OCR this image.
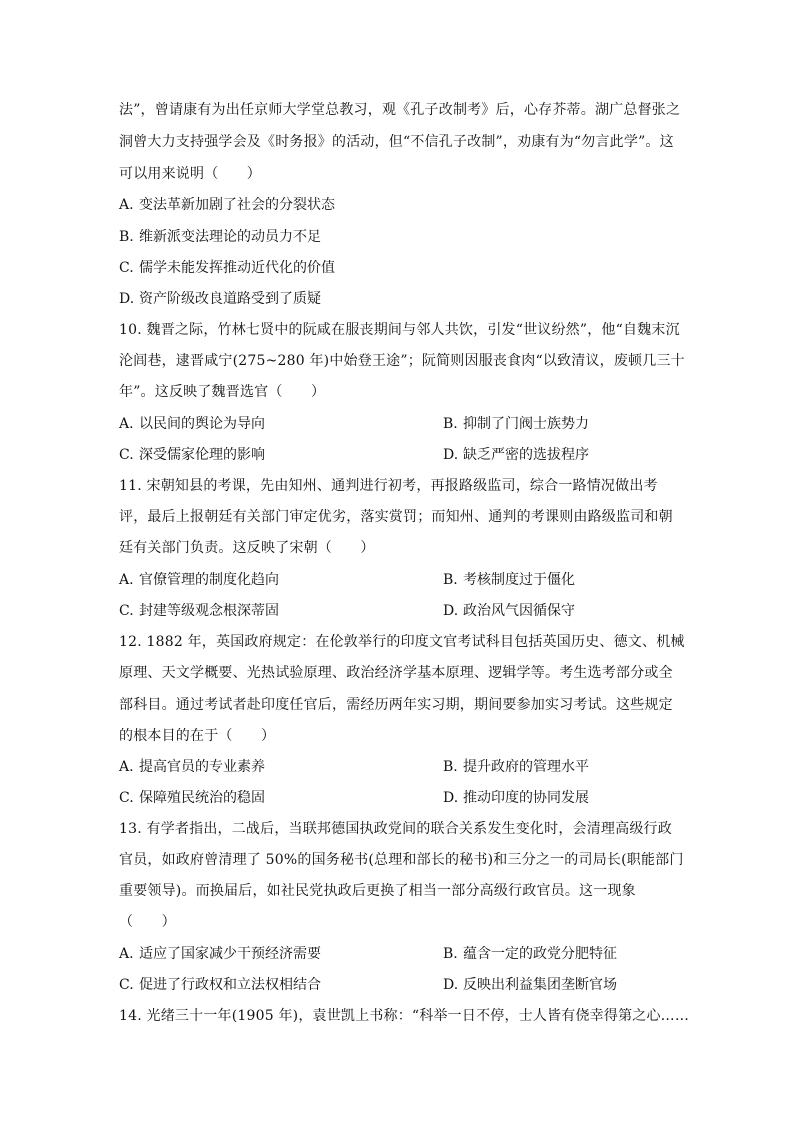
法”，曾请康有为出任京师大学堂总教习，观《孔子改制考》后，心存芥蒂。湖广总督张之
洞曾大力支持强学会及《时务报》的活动，但“不信孔子改制”，劝康有为“勿言此学”。这
可以用来说明（　　）
A. 变法革新加剧了社会的分裂状态
B. 维新派变法理论的动员力不足
C. 儒学未能发挥推动近代化的价值
D. 资产阶级改良道路受到了质疑
10. 魏晋之际，竹林七贤中的阮咸在服丧期间与邻人共饮，引发“世议纷然”，他“自魏末沉
沦闾巷，逮晋咸宁(275~280 年)中始登王途”；阮简则因服丧食肉“以致清议，废顿几三十
年”。这反映了魏晋选官（　　）
A. 以民间的舆论为导向	B. 抑制了门阀士族势力
C. 深受儒家伦理的影响	D. 缺乏严密的选拔程序
11. 宋朝知县的考课，先由知州、通判进行初考，再报路级监司，综合一路情况做出考
评，最后上报朝廷有关部门审定优劣，落实赏罚；而知州、通判的考课则由路级监司和朝
廷有关部门负责。这反映了宋朝（　　）
A. 官僚管理的制度化趋向	B. 考核制度过于僵化
C. 封建等级观念根深蒂固	D. 政治风气因循保守
12. 1882 年，英国政府规定：在伦敦举行的印度文官考试科目包括英国历史、德文、机械
原理、天文学概要、光热试验原理、政治经济学基本原理、逻辑学等。考生选考部分或全
部科目。通过考试者赴印度任官后，需经历两年实习期，期间要参加实习考试。这些规定
的根本目的在于（　　）
A. 提高官员的专业素养	B. 提升政府的管理水平
C. 保障殖民统治的稳固	D. 推动印度的协同发展
13. 有学者指出，二战后，当联邦德国执政党间的联合关系发生变化时，会清理高级行政
官员，如政府曾清理了 50%的国务秘书(总理和部长的秘书)和三分之一的司局长(职能部门
重要领导)。而换届后，如社民党执政后更换了相当一部分高级行政官员。这一现象
（　　）
A. 适应了国家减少干预经济需要	B. 蕴含一定的政党分肥特征
C. 促进了行政权和立法权相结合	D. 反映出利益集团垄断官场
14. 光绪三十一年(1905 年)，袁世凯上书称：“科举一日不停，士人皆有侥幸得第之心……
